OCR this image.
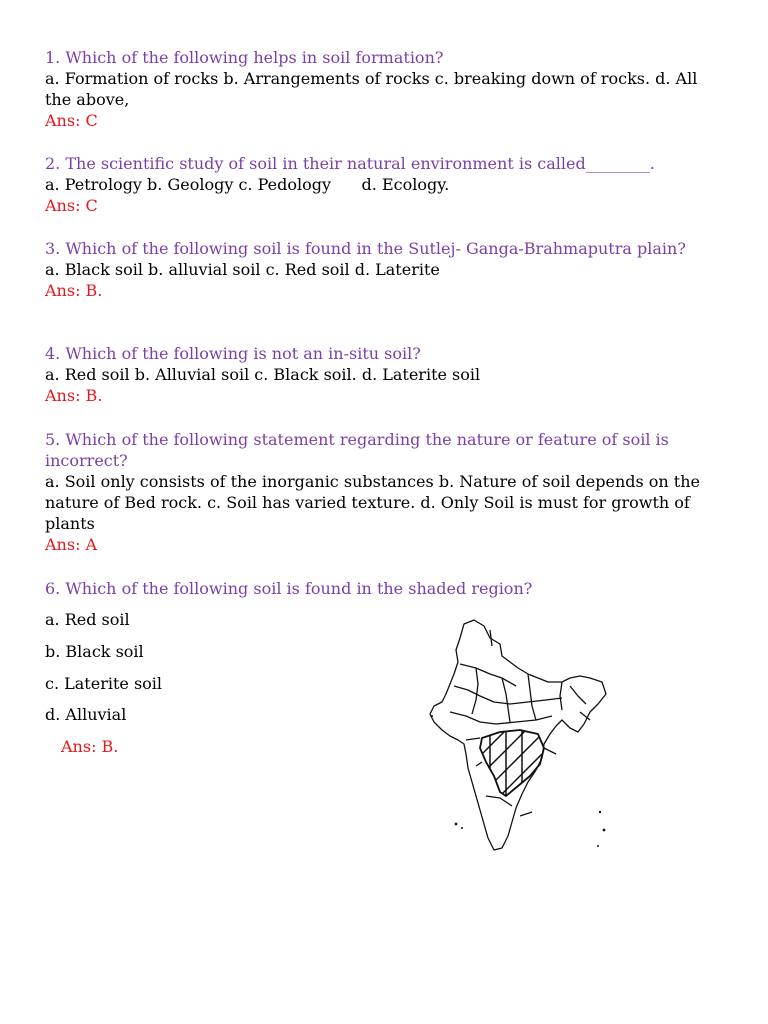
1. Which of the following helps in soil formation?

a. Formation of rocks b. Arrangements of rocks c. breaking down of rocks. d. All the above,

Ans: C

2. The scientific study of soil in their natural environment is called________.

a. Petrology b. Geology c. Pedology      d. Ecology.

Ans: C

3. Which of the following soil is found in the Sutlej- Ganga-Brahmaputra plain?

a. Black soil b. alluvial soil c. Red soil d. Laterite

Ans: B.

4. Which of the following is not an in-situ soil?

a. Red soil b. Alluvial soil c. Black soil. d. Laterite soil

Ans: B.

5. Which of the following statement regarding the nature or feature of soil is incorrect?

a. Soil only consists of the inorganic substances b. Nature of soil depends on the nature of Bed rock. c. Soil has varied texture. d. Only Soil is must for growth of plants

Ans: A

6. Which of the following soil is found in the shaded region?

a. Red soil

b. Black soil

c. Laterite soil

d. Alluvial

Ans: B.
